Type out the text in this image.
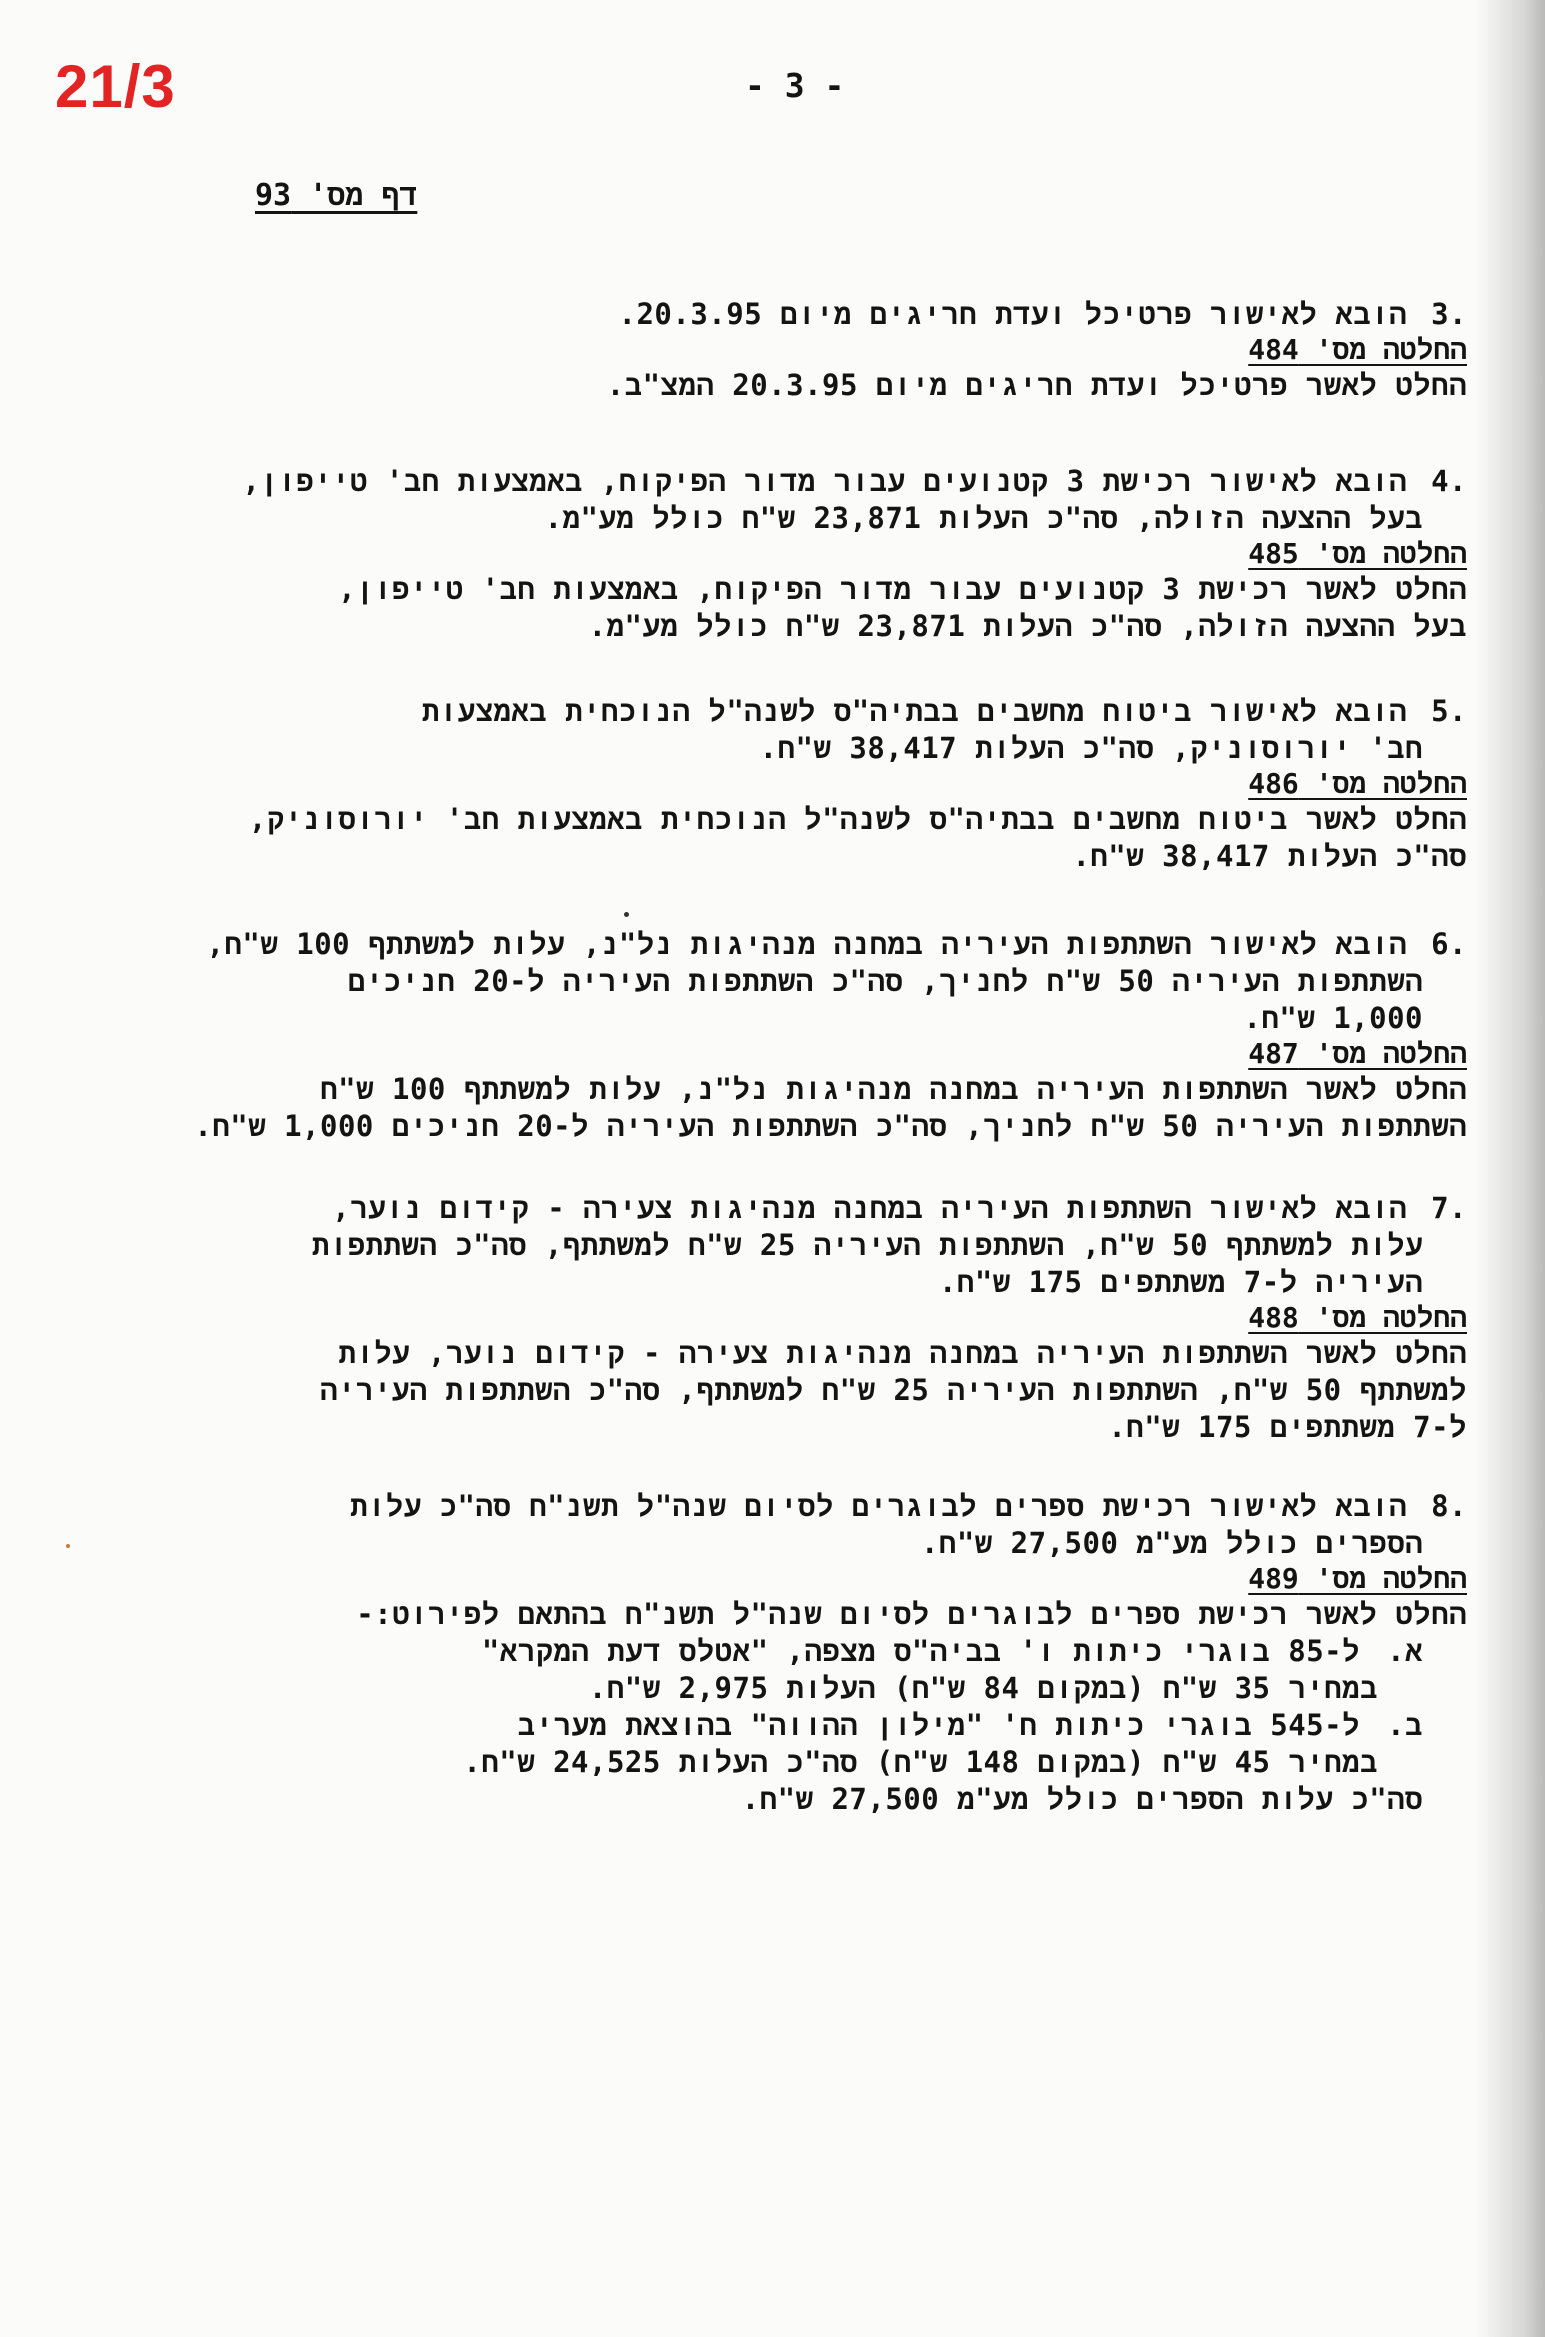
21/3	- 3 -
דף מס' 93
.3 הובא לאישור פרטיכל ועדת חריגים מיום 20.3.95.
החלטה מס' 484
החלט לאשר פרטיכל ועדת חריגים מיום 20.3.95 המצ"ב.
.4 הובא לאישור רכישת 3 קטנועים עבור מדור הפיקוח, באמצעות חב' טייפון,
בעל ההצעה הזולה, סה"כ העלות 23,871 ש"ח כולל מע"מ.
החלטה מס' 485
החלט לאשר רכישת 3 קטנועים עבור מדור הפיקוח, באמצעות חב' טייפון,
בעל ההצעה הזולה, סה"כ העלות 23,871 ש"ח כולל מע"מ.
.5 הובא לאישור ביטוח מחשבים בבתיה"ס לשנה"ל הנוכחית באמצעות
חב' יורוסוניק, סה"כ העלות 38,417 ש"ח.
החלטה מס' 486
החלט לאשר ביטוח מחשבים בבתיה"ס לשנה"ל הנוכחית באמצעות חב' יורוסוניק,
סה"כ העלות 38,417 ש"ח.
.6 הובא לאישור השתתפות העיריה במחנה מנהיגות נל"נ, עלות למשתתף 100 ש"ח,
השתתפות העיריה 50 ש"ח לחניך, סה"כ השתתפות העיריה ל-20 חניכים
1,000 ש"ח.
החלטה מס' 487
החלט לאשר השתתפות העיריה במחנה מנהיגות נל"נ, עלות למשתתף 100 ש"ח
השתתפות העיריה 50 ש"ח לחניך, סה"כ השתתפות העיריה ל-20 חניכים 1,000 ש"ח.
.7 הובא לאישור השתתפות העיריה במחנה מנהיגות צעירה - קידום נוער,
עלות למשתתף 50 ש"ח, השתתפות העיריה 25 ש"ח למשתתף, סה"כ השתתפות
העיריה ל-7 משתתפים 175 ש"ח.
החלטה מס' 488
החלט לאשר השתתפות העיריה במחנה מנהיגות צעירה - קידום נוער, עלות
למשתתף 50 ש"ח, השתתפות העיריה 25 ש"ח למשתתף, סה"כ השתתפות העיריה
ל-7 משתתפים 175 ש"ח.
.8 הובא לאישור רכישת ספרים לבוגרים לסיום שנה"ל תשנ"ח סה"כ עלות
הספרים כולל מע"מ 27,500 ש"ח.
החלטה מס' 489
החלט לאשר רכישת ספרים לבוגרים לסיום שנה"ל תשנ"ח בהתאם לפירוט:-
א. ל-85 בוגרי כיתות ו' בביה"ס מצפה, "אטלס דעת המקרא"
במחיר 35 ש"ח (במקום 84 ש"ח) העלות 2,975 ש"ח.
ב. ל-545 בוגרי כיתות ח' "מילון ההווה" בהוצאת מעריב
במחיר 45 ש"ח (במקום 148 ש"ח) סה"כ העלות 24,525 ש"ח.
סה"כ עלות הספרים כולל מע"מ 27,500 ש"ח.
